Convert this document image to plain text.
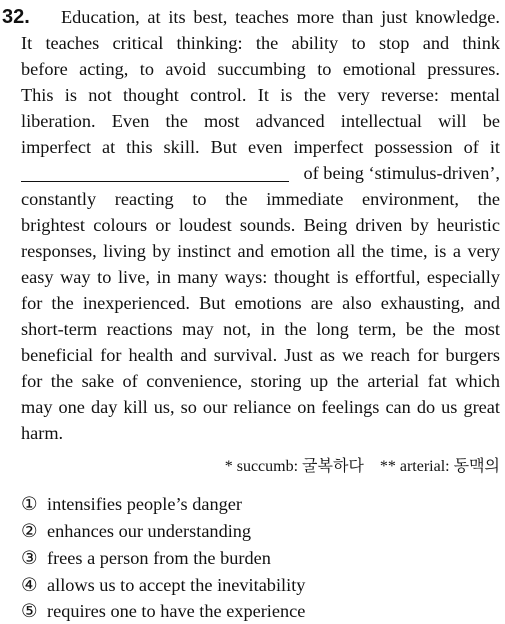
32. Education, at its best, teaches more than just knowledge.
It teaches critical thinking: the ability to stop and think
before acting, to avoid succumbing to emotional pressures.
This is not thought control. It is the very reverse: mental
liberation. Even the most advanced intellectual will be
imperfect at this skill. But even imperfect possession of it
of being ‘stimulus-driven’,
constantly reacting to the immediate environment, the
brightest colours or loudest sounds. Being driven by heuristic
responses, living by instinct and emotion all the time, is a very
easy way to live, in many ways: thought is effortful, especially
for the inexperienced. But emotions are also exhausting, and
short-term reactions may not, in the long term, be the most
beneficial for health and survival. Just as we reach for burgers
for the sake of convenience, storing up the arterial fat which
may one day kill us, so our reliance on feelings can do us great
harm.
* succumb: 굴복하다 ** arterial: 동맥의
① intensifies people’s danger
② enhances our understanding
③ frees a person from the burden
④ allows us to accept the inevitability
⑤ requires one to have the experience
